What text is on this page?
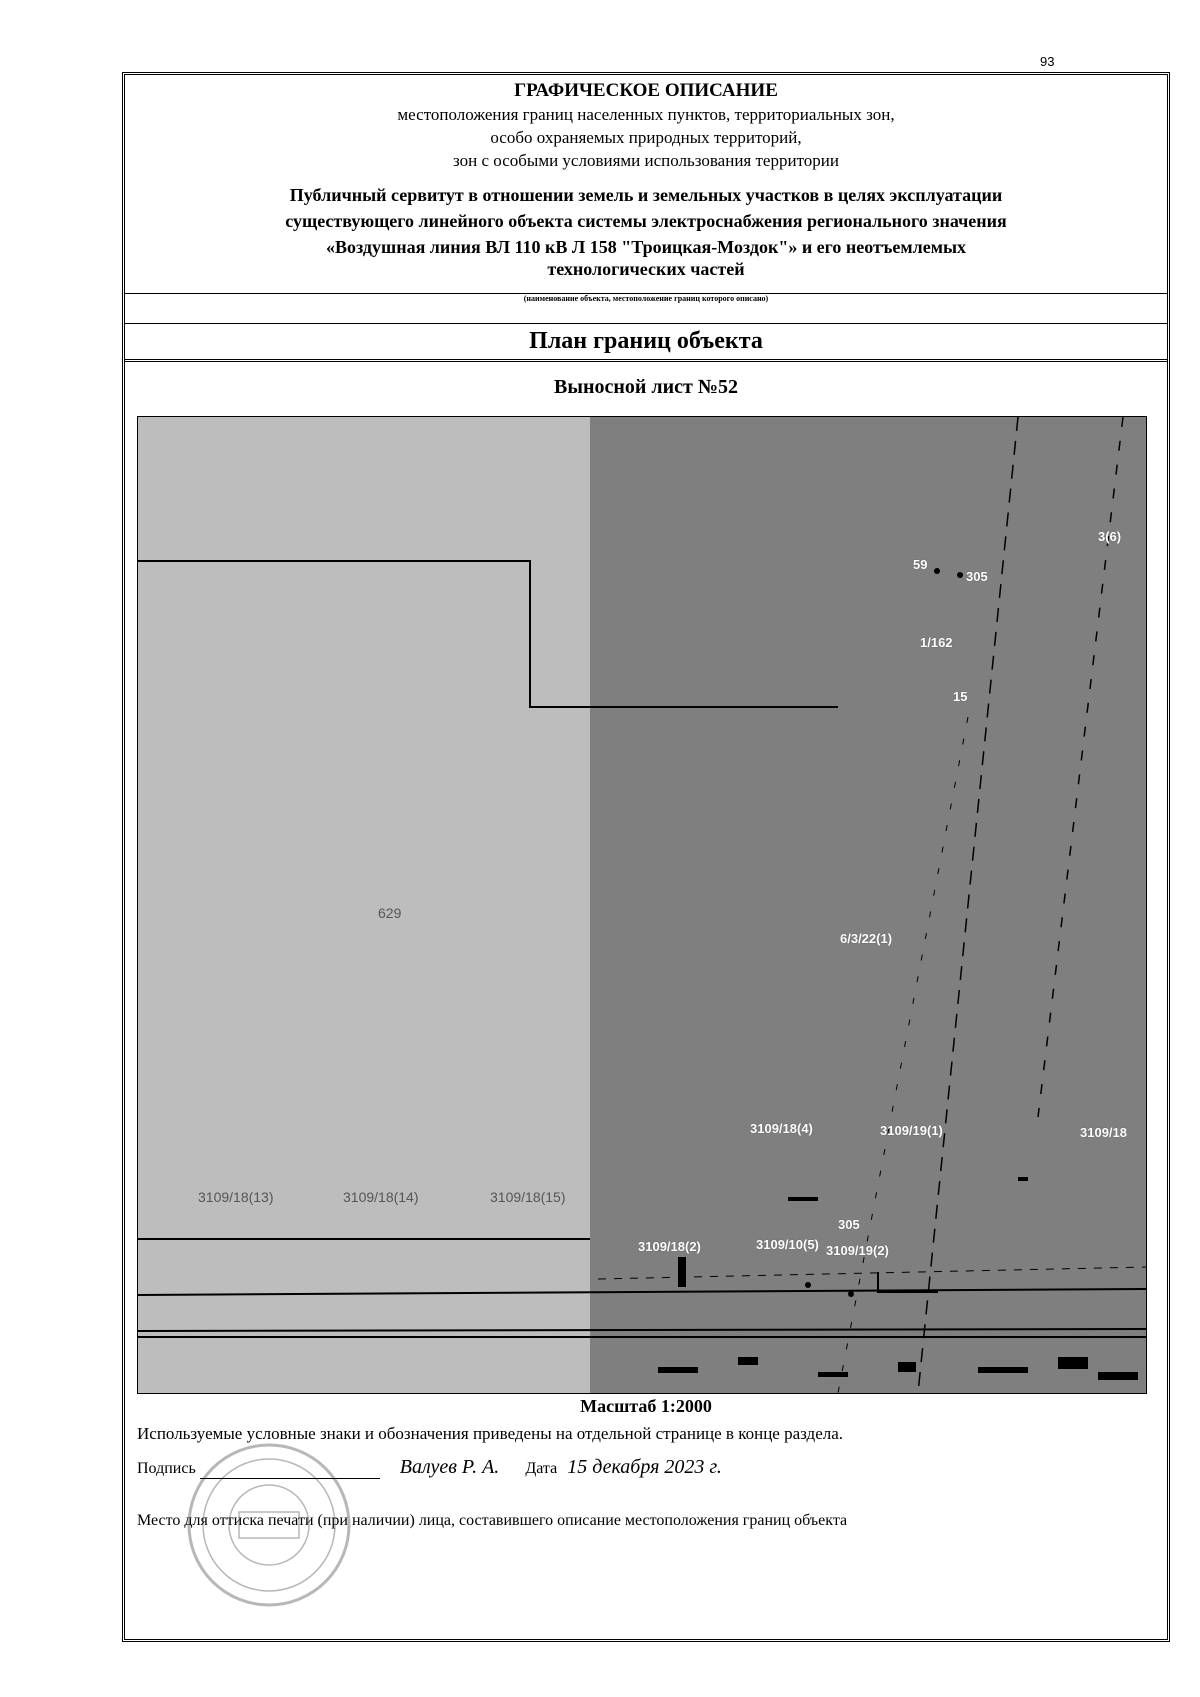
93
ГРАФИЧЕСКОЕ ОПИСАНИЕ
местоположения границ населенных пунктов, территориальных зон,
особо охраняемых природных территорий,
зон с особыми условиями использования территории
Публичный сервитут в отношении земель и земельных участков в целях эксплуатации
существующего линейного объекта системы электроснабжения регионального значения
«Воздушная линия ВЛ 110 кВ Л 158 "Троицкая-Моздок"» и его неотъемлемых
технологических частей
(наименование объекта, местоположение границ которого описано)
План границ объекта
Выносной лист №52
629
3109/18(13)	3109/18(14)	3109/18(15)
3109/18(2)	3109/10(5) 3109/19(2)
3109/18(4)	3109/19(1)	3109/18
6/3/22(1)
1/162
3(6)
59
305
305
15
Масштаб 1:2000
Используемые условные знаки и обозначения приведены на отдельной странице в конце раздела.
Подпись	Валуев Р. А. Дата 15 декабря 2023 г.
Место для оттиска печати (при наличии) лица, составившего описание местоположения границ объекта
